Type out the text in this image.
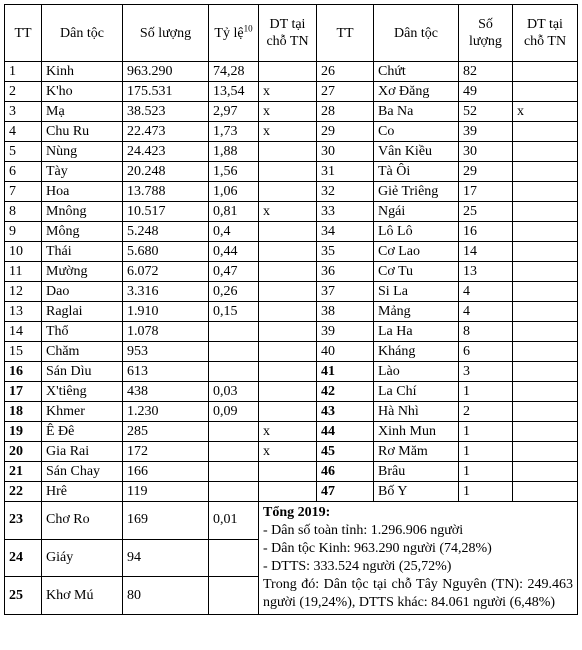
TT	Dân tộc	Số lượng	Tỷ lệ$^{10}$	DT tại chỗ TN	TT	Dân tộc	Số lượng	DT tại chỗ TN
1	Kinh	963.290	74,28		26	Chứt	82	
2	K'ho	175.531	13,54	x	27	Xơ Đăng	49	
3	Mạ	38.523	2,97	x	28	Ba Na	52	x
4	Chu Ru	22.473	1,73	x	29	Co	39	
5	Nùng	24.423	1,88		30	Vân Kiều	30	
6	Tày	20.248	1,56		31	Tà Ôi	29	
7	Hoa	13.788	1,06		32	Giẻ Triêng	17	
8	Mnông	10.517	0,81	x	33	Ngái	25	
9	Mông	5.248	0,4		34	Lô Lô	16	
10	Thái	5.680	0,44		35	Cơ Lao	14	
11	Mường	6.072	0,47		36	Cơ Tu	13	
12	Dao	3.316	0,26		37	Si La	4	
13	Raglai	1.910	0,15		38	Mảng	4	
14	Thổ	1.078			39	La Ha	8	
15	Chăm	953			40	Kháng	6	
16	Sán Dìu	613			41	Lào	3	
17	X'tiêng	438	0,03		42	La Chí	1	
18	Khmer	1.230	0,09		43	Hà Nhì	2	
19	Ê Đê	285		x	44	Xinh Mun	1	
20	Gia Rai	172		x	45	Rơ Măm	1	
21	Sán Chay	166			46	Brâu	1	
22	Hrê	119			47	Bố Y	1	
23	Chơ Ro	169	0,01	Tổng 2019:
- Dân số toàn tỉnh: 1.296.906 người
- Dân tộc Kinh: 963.290 người (74,28%)
- DTTS: 333.524 người (25,72%)
Trong đó: Dân tộc tại chỗ Tây Nguyên (TN): 249.463 người (19,24%), DTTS khác: 84.061 người (6,48%)				

24	Giáy	94						
25	Khơ Mú	80						
